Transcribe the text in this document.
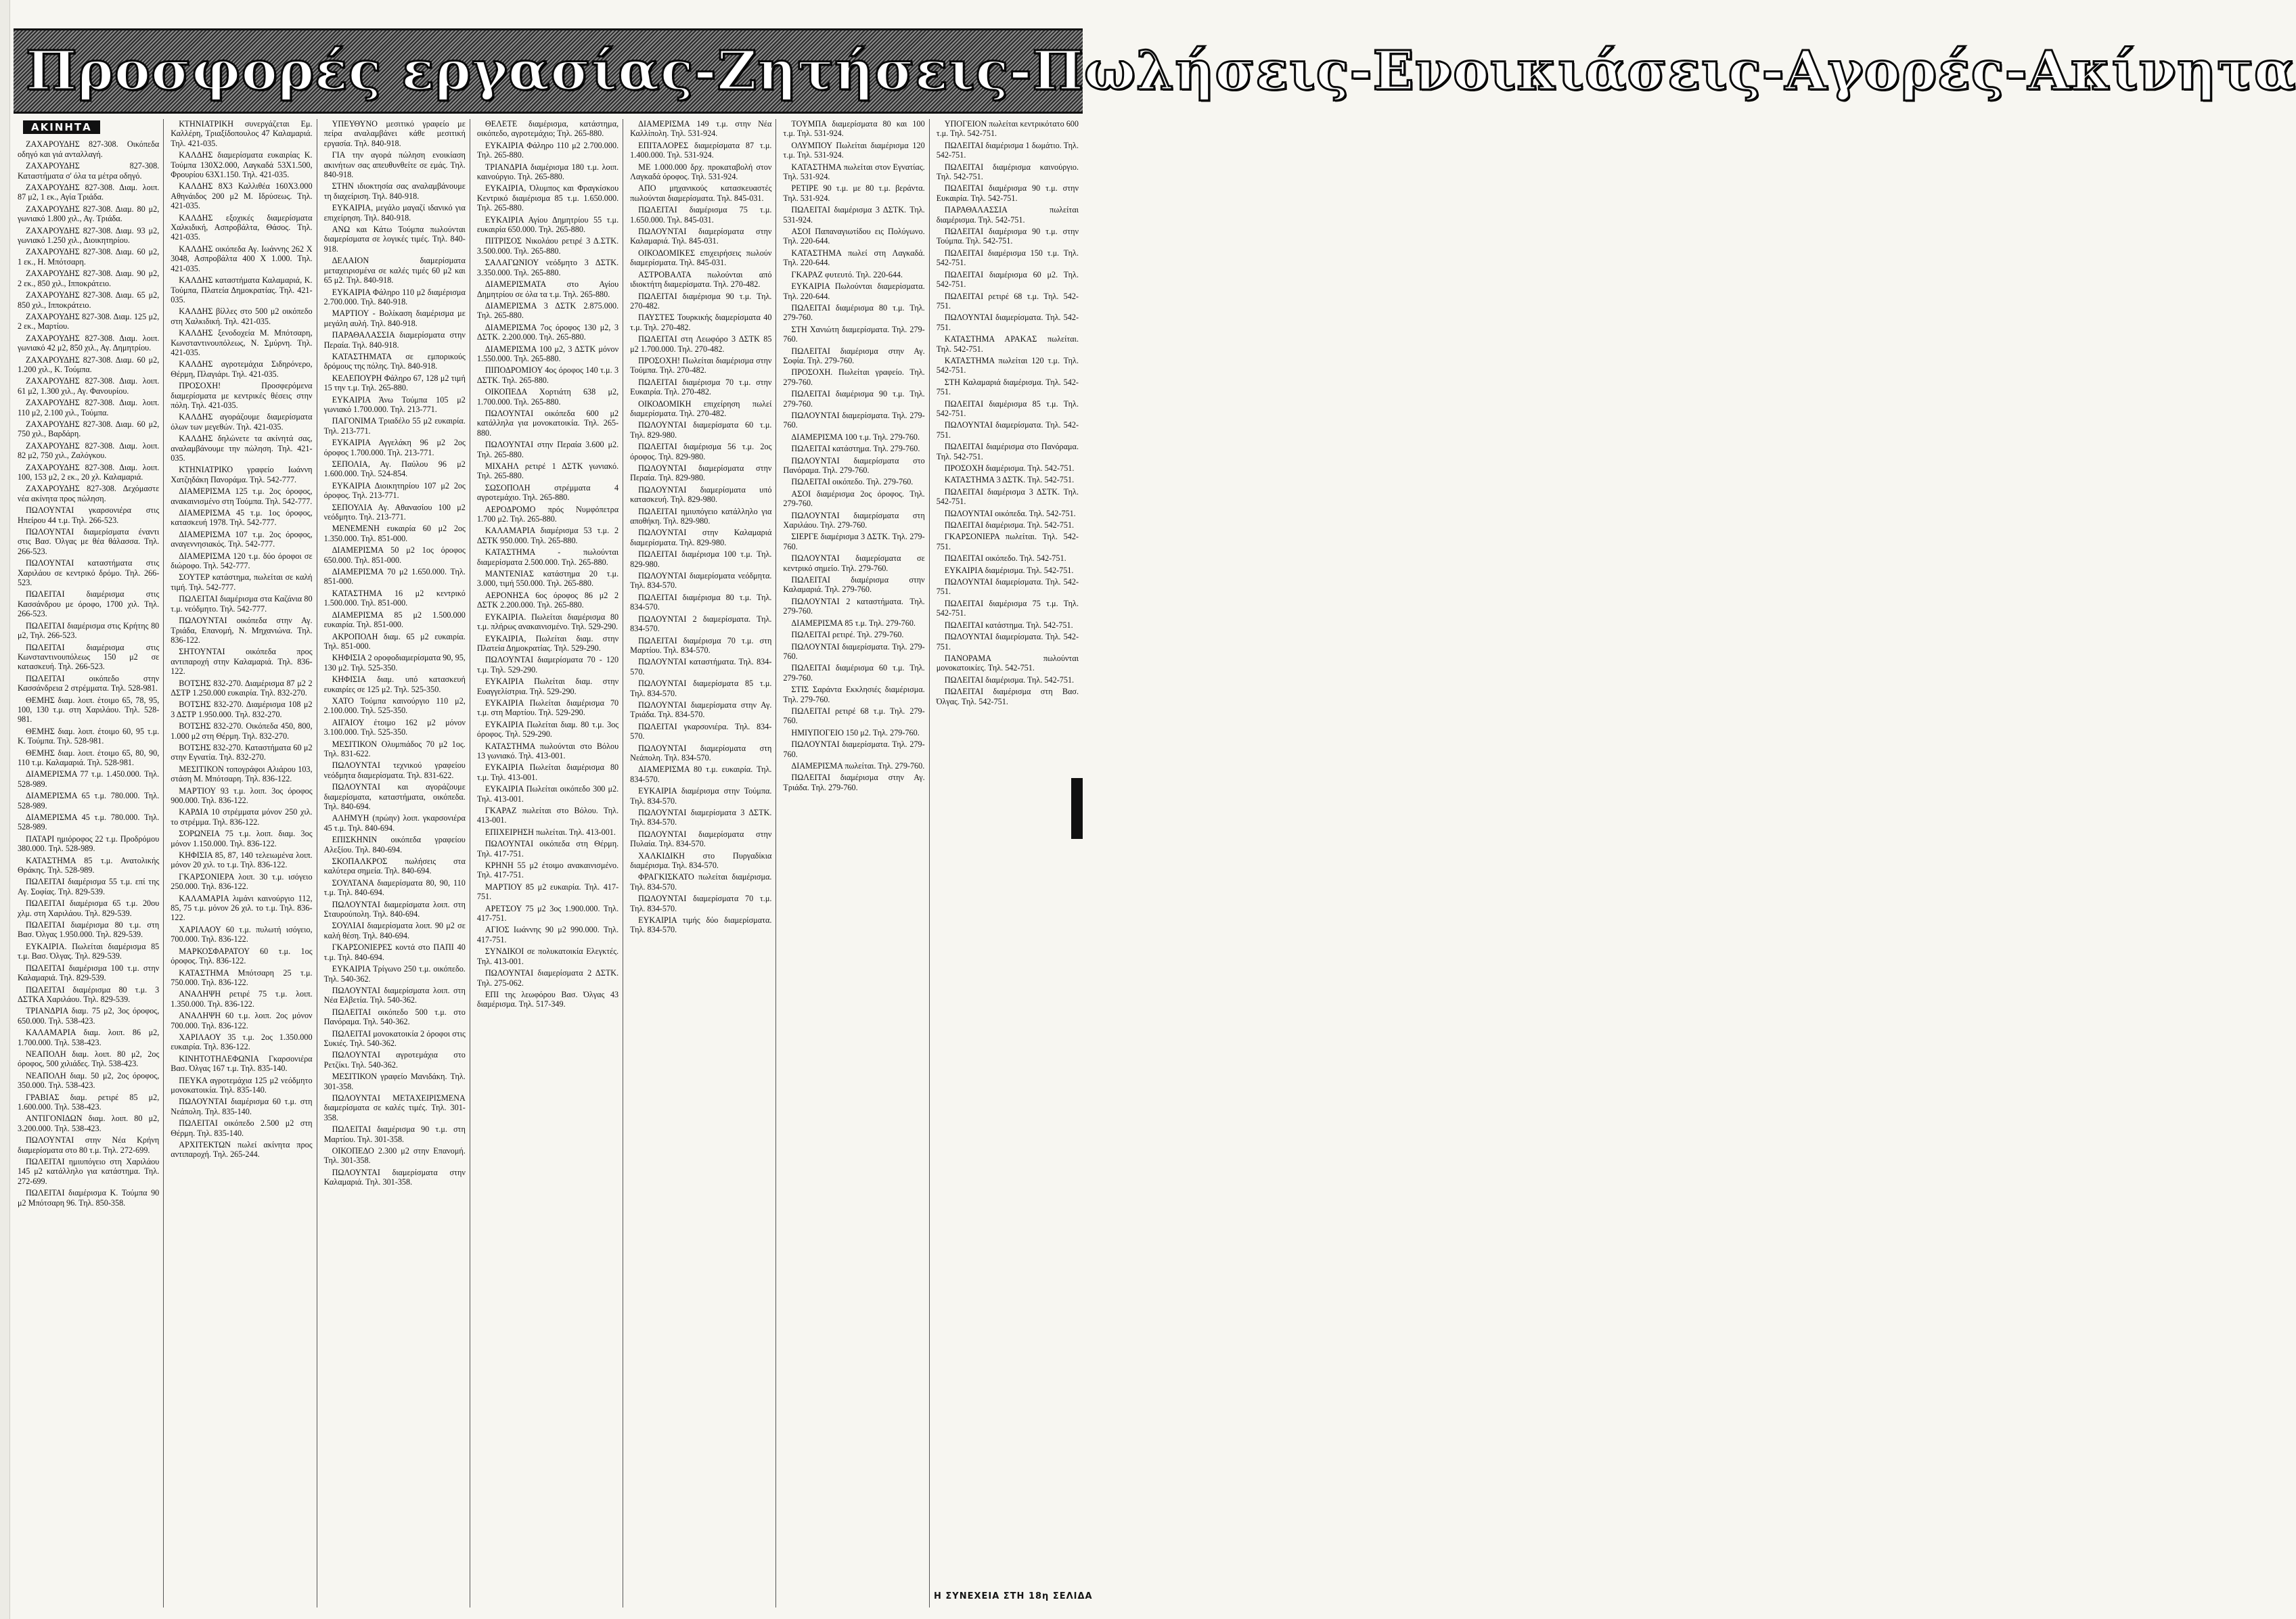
Προσφορές εργασίας-Ζητήσεις-Πωλήσεις-Ενοικιάσεις-Αγορές-Ακίνητα
ΑΚΙΝΗΤΑ

ΖΑΧΑΡΟΥΔΗΣ 827-308. Οικόπεδα οδηγό και γιά ανταλλαγή.

ΖΑΧΑΡΟΥΔΗΣ 827-308. Καταστήματα σ' όλα τα μέτρα οδηγό.

ΖΑΧΑΡΟΥΔΗΣ 827-308. Διαμ. λοιπ. 87 μ2, 1 εκ., Αγία Τριάδα.

ΖΑΧΑΡΟΥΔΗΣ 827-308. Διαμ. 80 μ2, γωνιακό 1.800 χιλ., Αγ. Τριάδα.

ΖΑΧΑΡΟΥΔΗΣ 827-308. Διαμ. 93 μ2, γωνιακό 1.250 χιλ., Διοικητηρίου.

ΖΑΧΑΡΟΥΔΗΣ 827-308. Διαμ. 60 μ2, 1 εκ., Η. Μπότσαρη.

ΖΑΧΑΡΟΥΔΗΣ 827-308. Διαμ. 90 μ2, 2 εκ., 850 χιλ., Ιπποκράτειο.

ΖΑΧΑΡΟΥΔΗΣ 827-308. Διαμ. 65 μ2, 850 χιλ., Ιπποκράτειο.

ΖΑΧΑΡΟΥΔΗΣ 827-308. Διαμ. 125 μ2, 2 εκ., Μαρτίου.

ΖΑΧΑΡΟΥΔΗΣ 827-308. Διαμ. λοιπ. γωνιακό 42 μ2, 850 χιλ., Αγ. Δημητρίου.

ΖΑΧΑΡΟΥΔΗΣ 827-308. Διαμ. 60 μ2, 1.200 χιλ., Κ. Τούμπα.

ΖΑΧΑΡΟΥΔΗΣ 827-308. Διαμ. λοιπ. 61 μ2, 1.300 χιλ., Αγ. Φανουρίου.

ΖΑΧΑΡΟΥΔΗΣ 827-308. Διαμ. λοιπ. 110 μ2, 2.100 χιλ., Τούμπα.

ΖΑΧΑΡΟΥΔΗΣ 827-308. Διαμ. 60 μ2, 750 χιλ., Βαρδάρη.

ΖΑΧΑΡΟΥΔΗΣ 827-308. Διαμ. λοιπ. 82 μ2, 750 χιλ., Ζαλόγκου.

ΖΑΧΑΡΟΥΔΗΣ 827-308. Διαμ. λοιπ. 100, 153 μ2, 2 εκ., 20 χλ. Καλαμαριά.

ΖΑΧΑΡΟΥΔΗΣ 827-308. Δεχόμαστε νέα ακίνητα προς πώληση.

ΠΩΛΟΥΝΤΑΙ γκαρσονιέρα στις Ηπείρου 44 τ.μ. Τηλ. 266-523.

ΠΩΛΟΥΝΤΑΙ διαμερίσματα έναντι στις Βασ. Όλγας με θέα θάλασσα. Τηλ. 266-523.

ΠΩΛΟΥΝΤΑΙ καταστήματα στις Χαριλάου σε κεντρικό δρόμο. Τηλ. 266-523.

ΠΩΛΕΙΤΑΙ διαμέρισμα στις Κασσάνδρου με όροφο, 1700 χιλ. Τηλ. 266-523.

ΠΩΛΕΙΤΑΙ διαμέρισμα στις Κρήτης 80 μ2, Τηλ. 266-523.

ΠΩΛΕΙΤΑΙ διαμέρισμα στις Κωνσταντινουπόλεως 150 μ2 σε κατασκευή. Τηλ. 266-523.

ΠΩΛΕΙΤΑΙ οικόπεδο στην Κασσάνδρεια 2 στρέμματα. Τηλ. 528-981.

ΘΕΜΗΣ διαμ. λοιπ. έτοιμο 65, 78, 95, 100, 130 τ.μ. στη Χαριλάου. Τηλ. 528-981.

ΘΕΜΗΣ διαμ. λοιπ. έτοιμο 60, 95 τ.μ. Κ. Τούμπα. Τηλ. 528-981.

ΘΕΜΗΣ διαμ. λοιπ. έτοιμο 65, 80, 90, 110 τ.μ. Καλαμαριά. Τηλ. 528-981.

ΔΙΑΜΕΡΙΣΜΑ 77 τ.μ. 1.450.000. Τηλ. 528-989.

ΔΙΑΜΕΡΙΣΜΑ 65 τ.μ. 780.000. Τηλ. 528-989.

ΔΙΑΜΕΡΙΣΜΑ 45 τ.μ. 780.000. Τηλ. 528-989.

ΠΑΤΑΡΙ ημιόροφος 22 τ.μ. Προδρόμου 380.000. Τηλ. 528-989.

ΚΑΤΑΣΤΗΜΑ 85 τ.μ. Ανατολικής Θράκης. Τηλ. 528-989.

ΠΩΛΕΙΤΑΙ διαμέρισμα 55 τ.μ. επί της Αγ. Σοφίας. Τηλ. 829-539.

ΠΩΛΕΙΤΑΙ διαμέρισμα 65 τ.μ. 20ου χλμ. στη Χαριλάου. Τηλ. 829-539.

ΠΩΛΕΙΤΑΙ διαμέρισμα 80 τ.μ. στη Βασ. Όλγας 1.950.000. Τηλ. 829-539.

ΕΥΚΑΙΡΙΑ. Πωλείται διαμέρισμα 85 τ.μ. Βασ. Όλγας. Τηλ. 829-539.

ΠΩΛΕΙΤΑΙ διαμέρισμα 100 τ.μ. στην Καλαμαριά. Τηλ. 829-539.

ΠΩΛΕΙΤΑΙ διαμέρισμα 80 τ.μ. 3 ΔΣΤΚΑ Χαριλάου. Τηλ. 829-539.

ΤΡΙΑΝΔΡΙΑ διαμ. 75 μ2, 3ος όροφος, 650.000. Τηλ. 538-423.

ΚΑΛΑΜΑΡΙΑ διαμ. λοιπ. 86 μ2, 1.700.000. Τηλ. 538-423.

ΝΕΑΠΟΛΗ διαμ. λοιπ. 80 μ2, 2ος όροφος, 500 χιλιάδες. Τηλ. 538-423.

ΝΕΑΠΟΛΗ διαμ. 50 μ2, 2ος όροφος, 350.000. Τηλ. 538-423.

ΓΡΑΒΙΑΣ διαμ. ρετιρέ 85 μ2, 1.600.000. Τηλ. 538-423.

ΑΝΤΙΓΟΝΙΔΩΝ διαμ. λοιπ. 80 μ2, 3.200.000. Τηλ. 538-423.

ΠΩΛΟΥΝΤΑΙ στην Νέα Κρήνη διαμερίσματα στο 80 τ.μ. Τηλ. 272-699.

ΠΩΛΕΙΤΑΙ ημιυπόγειο στη Χαριλάου 145 μ2 κατάλληλο για κατάστημα. Τηλ. 272-699.

ΠΩΛΕΙΤΑΙ διαμέρισμα Κ. Τούμπα 90 μ2 Μπότσαρη 96. Τηλ. 850-358.

ΚΤΗΝΙΑΤΡΙΚΗ συνεργάζεται Εμ. Καλλέρη, Τριαξίδοπουλος 47 Καλαμαριά. Τηλ. 421-035.

ΚΑΛΔΗΣ διαμερίσματα ευκαιρίας Κ. Τούμπα 130Χ2.000, Λαγκαδά 53Χ1.500, Φρουρίου 63Χ1.150. Τηλ. 421-035.

ΚΑΛΔΗΣ 8Χ3 Καλλιθέα 160Χ3.000 Αθηνάιδος 200 μ2 Μ. Ιδρύσεως. Τηλ. 421-035.

ΚΑΛΔΗΣ εξοχικές διαμερίσματα Χαλκιδική, Ασπροβάλτα, Θάσος. Τηλ. 421-035.

ΚΑΛΔΗΣ οικόπεδα Αγ. Ιωάννης 262 Χ 3048, Ασπροβάλτα 400 Χ 1.000. Τηλ. 421-035.

ΚΑΛΔΗΣ καταστήματα Καλαμαριά, Κ. Τούμπα, Πλατεία Δημοκρατίας. Τηλ. 421-035.

ΚΑΛΔΗΣ βίλλες στο 500 μ2 οικόπεδο στη Χαλκιδική. Τηλ. 421-035.

ΚΑΛΔΗΣ ξενοδοχεία Μ. Μπότσαρη, Κωνσταντινουπόλεως, Ν. Σμύρνη. Τηλ. 421-035.

ΚΑΛΔΗΣ αγροτεμάχια Σιδηρόνερο, Θέρμη, Πλαγιάρι. Τηλ. 421-035.

ΠΡΟΣΟΧΗ! Προσφερόμενα διαμερίσματα με κεντρικές θέσεις στην πόλη. Τηλ. 421-035.

ΚΑΛΔΗΣ αγοράζουμε διαμερίσματα όλων των μεγεθών. Τηλ. 421-035.

ΚΑΛΔΗΣ δηλώνετε τα ακίνητά σας, αναλαμβάνουμε την πώληση. Τηλ. 421-035.

ΚΤΗΝΙΑΤΡΙΚΟ γραφείο Ιωάννη Χατζηδάκη Πανοράμα. Τηλ. 542-777.

ΔΙΑΜΕΡΙΣΜΑ 125 τ.μ. 2ος όροφος, ανακαινισμένο στη Τούμπα. Τηλ. 542-777.

ΔΙΑΜΕΡΙΣΜΑ 45 τ.μ. 1ος όροφος, κατασκευή 1978. Τηλ. 542-777.

ΔΙΑΜΕΡΙΣΜΑ 107 τ.μ. 2ος όροφος, αναγεννησιακός. Τηλ. 542-777.

ΔΙΑΜΕΡΙΣΜΑ 120 τ.μ. δύο όροφοι σε διώροφο. Τηλ. 542-777.

ΣΟΥΤΕΡ κατάστημα, πωλείται σε καλή τιμή. Τηλ. 542-777.

ΠΩΛΕΙΤΑΙ διαμέρισμα στα Καζάνια 80 τ.μ. νεόδμητο. Τηλ. 542-777.

ΠΩΛΟΥΝΤΑΙ οικόπεδα στην Αγ. Τριάδα, Επανομή, Ν. Μηχανιώνα. Τηλ. 836-122.

ΣΗΤΟΥΝΤΑΙ οικόπεδα προς αντιπαροχή στην Καλαμαριά. Τηλ. 836-122.

ΒΟΤΣΗΣ 832-270. Διαμέρισμα 87 μ2 2 ΔΣΤΡ 1.250.000 ευκαιρία. Τηλ. 832-270.

ΒΟΤΣΗΣ 832-270. Διαμέρισμα 108 μ2 3 ΔΣΤΡ 1.950.000. Τηλ. 832-270.

ΒΟΤΣΗΣ 832-270. Οικόπεδα 450, 800, 1.000 μ2 στη Θέρμη. Τηλ. 832-270.

ΒΟΤΣΗΣ 832-270. Καταστήματα 60 μ2 στην Εγνατία. Τηλ. 832-270.

ΜΕΣΙΤΙΚΟΝ τοπογράφοι Αλιάρου 103, στάση Μ. Μπότσαρη. Τηλ. 836-122.

ΜΑΡΤΙΟΥ 93 τ.μ. λοιπ. 3ος όροφος 900.000. Τηλ. 836-122.

ΚΑΡΔΙΑ 10 στρέμματα μόνον 250 χιλ. το στρέμμα. Τηλ. 836-122.

ΣΟΡΩΝΕΙΑ 75 τ.μ. λοιπ. διαμ. 3ος μόνον 1.150.000. Τηλ. 836-122.

ΚΗΦΙΣΙΑ 85, 87, 140 τελειωμένα λοιπ. μόνον 20 χιλ. το τ.μ. Τηλ. 836-122.

ΓΚΑΡΣΟΝΙΕΡΑ λοιπ. 30 τ.μ. ισόγειο 250.000. Τηλ. 836-122.

ΚΑΛΑΜΑΡΙΑ λιμάνι καινούργιο 112, 85, 75 τ.μ. μόνον 26 χιλ. το τ.μ. Τηλ. 836-122.

ΧΑΡΙΛΑΟΥ 60 τ.μ. πυλωτή ισόγειο, 700.000. Τηλ. 836-122.

ΜΑΡΚΟΣΦΑΡΑΤΟΥ 60 τ.μ. 1ος όροφος. Τηλ. 836-122.

ΚΑΤΑΣΤΗΜΑ Μπότσαρη 25 τ.μ. 750.000. Τηλ. 836-122.

ΑΝΑΛΗΨΗ ρετιρέ 75 τ.μ. λοιπ. 1.350.000. Τηλ. 836-122.

ΑΝΑΛΗΨΗ 60 τ.μ. λοιπ. 2ος μόνον 700.000. Τηλ. 836-122.

ΧΑΡΙΛΑΟΥ 35 τ.μ. 2ος 1.350.000 ευκαιρία. Τηλ. 836-122.

ΚΙΝΗΤΟΤΗΛΕΦΩΝΙΑ Γκαρσονιέρα Βασ. Όλγας 167 τ.μ. Τηλ. 835-140.

ΠΕΥΚΑ αγροτεμάχια 125 μ2 νεόδμητο μονοκατοικία. Τηλ. 835-140.

ΠΩΛΟΥΝΤΑΙ διαμέρισμα 60 τ.μ. στη Νεάπολη. Τηλ. 835-140.

ΠΩΛΕΙΤΑΙ οικόπεδο 2.500 μ2 στη Θέρμη. Τηλ. 835-140.

ΑΡΧΙΤΕΚΤΩΝ πωλεί ακίνητα προς αντιπαροχή. Τηλ. 265-244.

ΥΠΕΥΘΥΝΟ μεσιτικό γραφείο με πείρα αναλαμβάνει κάθε μεσιτική εργασία. Τηλ. 840-918.

ΓΙΑ την αγορά πώληση ενοικίαση ακινήτων σας απευθυνθείτε σε εμάς. Τηλ. 840-918.

ΣΤΗΝ ιδιοκτησία σας αναλαμβάνουμε τη διαχείριση. Τηλ. 840-918.

ΕΥΚΑΙΡΙΑ, μεγάλο μαγαζί ιδανικό για επιχείρηση. Τηλ. 840-918.

ΑΝΩ και Κάτω Τούμπα πωλούνται διαμερίσματα σε λογικές τιμές. Τηλ. 840-918.

ΔΕΛΑΙΟΝ διαμερίσματα μεταχειρισμένα σε καλές τιμές 60 μ2 και 65 μ2. Τηλ. 840-918.

ΕΥΚΑΙΡΙΑ Φάληρο 110 μ2 διαμέρισμα 2.700.000. Τηλ. 840-918.

ΜΑΡΤΙΟΥ - Βολίκαση διαμέρισμα με μεγάλη αυλή. Τηλ. 840-918.

ΠΑΡΑΘΑΛΑΣΣΙΑ διαμερίσματα στην Περαία. Τηλ. 840-918.

ΚΑΤΑΣΤΗΜΑΤΑ σε εμπορικούς δρόμους της πόλης. Τηλ. 840-918.

ΚΕΛΕΠΟΥΡΗ Φάληρο 67, 128 μ2 τιμή 15 την τ.μ. Τηλ. 265-880.

ΕΥΚΑΙΡΙΑ Άνω Τούμπα 105 μ2 γωνιακό 1.700.000. Τηλ. 213-771.

ΠΑΓΟΝΙΜΑ Τριαδέλο 55 μ2 ευκαιρία. Τηλ. 213-771.

ΕΥΚΑΙΡΙΑ Αγγελάκη 96 μ2 2ος όροφος 1.700.000. Τηλ. 213-771.

ΣΕΠΟΛΙΑ, Αγ. Παύλου 96 μ2 1.600.000. Τηλ. 524-854.

ΕΥΚΑΙΡΙΑ Διοικητηρίου 107 μ2 2ος όροφος. Τηλ. 213-771.

ΣΕΠΟΥΛΙΑ Αγ. Αθανασίου 100 μ2 νεόδμητο. Τηλ. 213-771.

ΜΕΝΕΜΕΝΗ ευκαιρία 60 μ2 2ος 1.350.000. Τηλ. 851-000.

ΔΙΑΜΕΡΙΣΜΑ 50 μ2 1ος όροφος 650.000. Τηλ. 851-000.

ΔΙΑΜΕΡΙΣΜΑ 70 μ2 1.650.000. Τηλ. 851-000.

ΚΑΤΑΣΤΗΜΑ 16 μ2 κεντρικό 1.500.000. Τηλ. 851-000.

ΔΙΑΜΕΡΙΣΜΑ 85 μ2 1.500.000 ευκαιρία. Τηλ. 851-000.

ΑΚΡΟΠΟΛΗ διαμ. 65 μ2 ευκαιρία. Τηλ. 851-000.

ΚΗΦΙΣΙΑ 2 οροφοδιαμερίσματα 90, 95, 130 μ2. Τηλ. 525-350.

ΚΗΦΙΣΙΑ διαμ. υπό κατασκευή ευκαιρίες σε 125 μ2. Τηλ. 525-350.

ΧΑΤΟ Τούμπα καινούργιο 110 μ2, 2.100.000. Τηλ. 525-350.

ΑΙΓΑΙΟΥ έτοιμο 162 μ2 μόνον 3.100.000. Τηλ. 525-350.

ΜΕΣΙΤΙΚΟΝ Ολυμπιάδος 70 μ2 1ος. Τηλ. 831-622.

ΠΩΛΟΥΝΤΑΙ τεχνικού γραφείου νεόδμητα διαμερίσματα. Τηλ. 831-622.

ΠΩΛΟΥΝΤΑΙ και αγοράζουμε διαμερίσματα, καταστήματα, οικόπεδα. Τηλ. 840-694.

ΑΛΗΜΥΗ (πρώην) λοιπ. γκαρσονιέρα 45 τ.μ. Τηλ. 840-694.

ΕΠΙΣΚΗΝΙΝ οικόπεδα γραφείου Αλεξίου. Τηλ. 840-694.

ΣΚΟΠΑΛΚΡΟΣ πωλήσεις στα καλύτερα σημεία. Τηλ. 840-694.

ΣΟΥΛΤΑΝΑ διαμερίσματα 80, 90, 110 τ.μ. Τηλ. 840-694.

ΠΩΛΟΥΝΤΑΙ διαμερίσματα λοιπ. στη Σταυρούπολη. Τηλ. 840-694.

ΣΟΥΛΙΑΙ διαμερίσματα λοιπ. 90 μ2 σε καλή θέση. Τηλ. 840-694.

ΓΚΑΡΣΟΝΙΕΡΕΣ κοντά στο ΠΑΠΙ 40 τ.μ. Τηλ. 840-694.

ΕΥΚΑΙΡΙΑ Τρίγωνο 250 τ.μ. οικόπεδο. Τηλ. 540-362.

ΠΩΛΟΥΝΤΑΙ διαμερίσματα λοιπ. στη Νέα Ελβετία. Τηλ. 540-362.

ΠΩΛΕΙΤΑΙ οικόπεδο 500 τ.μ. στο Πανόραμα. Τηλ. 540-362.

ΠΩΛΕΙΤΑΙ μονοκατοικία 2 όροφοι στις Συκιές. Τηλ. 540-362.

ΠΩΛΟΥΝΤΑΙ αγροτεμάχια στο Ρετζίκι. Τηλ. 540-362.

ΜΕΣΙΤΙΚΟΝ γραφείο Μανιδάκη. Τηλ. 301-358.

ΠΩΛΟΥΝΤΑΙ ΜΕΤΑΧΕΙΡΙΣΜΕΝΑ διαμερίσματα σε καλές τιμές. Τηλ. 301-358.

ΠΩΛΕΙΤΑΙ διαμέρισμα 90 τ.μ. στη Μαρτίου. Τηλ. 301-358.

ΟΙΚΟΠΕΔΟ 2.300 μ2 στην Επανομή. Τηλ. 301-358.

ΠΩΛΟΥΝΤΑΙ διαμερίσματα στην Καλαμαριά. Τηλ. 301-358.

ΘΕΛΕΤΕ διαμέρισμα, κατάστημα, οικόπεδο, αγροτεμάχιο; Τηλ. 265-880.

ΕΥΚΑΙΡΙΑ Φάληρο 110 μ2 2.700.000. Τηλ. 265-880.

ΤΡΙΑΝΔΡΙΑ διαμέρισμα 180 τ.μ. λοιπ. καινούργιο. Τηλ. 265-880.

ΕΥΚΑΙΡΙΑ, Όλυμπος και Φραγκίσκου Κεντρικό διαμέρισμα 85 τ.μ. 1.650.000. Τηλ. 265-880.

ΕΥΚΑΙΡΙΑ Αγίου Δημητρίου 55 τ.μ. ευκαιρία 650.000. Τηλ. 265-880.

ΠΙΤΡΙΣΟΣ Νικολάου ρετιρέ 3 Δ.ΣΤΚ. 3.500.000. Τηλ. 265-880.

ΣΑΛΑΓΩΝΙΟΥ νεόδμητο 3 ΔΣΤΚ. 3.350.000. Τηλ. 265-880.

ΔΙΑΜΕΡΙΣΜΑΤΑ στο Αγίου Δημητρίου σε όλα τα τ.μ. Τηλ. 265-880.

ΔΙΑΜΕΡΙΣΜΑ 3 ΔΣΤΚ 2.875.000. Τηλ. 265-880.

ΔΙΑΜΕΡΙΣΜΑ 7ος όροφος 130 μ2, 3 ΔΣΤΚ. 2.200.000. Τηλ. 265-880.

ΔΙΑΜΕΡΙΣΜΑ 100 μ2, 3 ΔΣΤΚ μόνον 1.550.000. Τηλ. 265-880.

ΠΙΠΟΔΡΟΜΙΟΥ 4ος όροφος 140 τ.μ. 3 ΔΣΤΚ. Τηλ. 265-880.

ΟΙΚΟΠΕΔΑ Χορτιάτη 638 μ2, 1.700.000. Τηλ. 265-880.

ΠΩΛΟΥΝΤΑΙ οικόπεδα 600 μ2 κατάλληλα για μονοκατοικία. Τηλ. 265-880.

ΠΩΛΟΥΝΤΑΙ στην Περαία 3.600 μ2. Τηλ. 265-880.

ΜΙΧΑΗΛ ρετιρέ 1 ΔΣΤΚ γωνιακό. Τηλ. 265-880.

ΣΩΣΟΠΟΛΗ στρέμματα 4 αγροτεμάχιο. Τηλ. 265-880.

ΑΕΡΟΔΡΟΜΟ πρός Νυμφόπετρα 1.700 μ2. Τηλ. 265-880.

ΚΑΛΑΜΑΡΙΑ διαμέρισμα 53 τ.μ. 2 ΔΣΤΚ 950.000. Τηλ. 265-880.

ΚΑΤΑΣΤΗΜΑ - πωλούνται διαμερίσματα 2.500.000. Τηλ. 265-880.

ΜΑΝΤΕΝΙΑΣ κατάστημα 20 τ.μ. 3.000, τιμή 550.000. Τηλ. 265-880.

ΑΕΡΟΝΗΣΑ 6ος όροφος 86 μ2 2 ΔΣΤΚ 2.200.000. Τηλ. 265-880.

ΕΥΚΑΙΡΙΑ. Πωλείται διαμέρισμα 80 τ.μ. πλήρως ανακαινισμένο. Τηλ. 529-290.

ΕΥΚΑΙΡΙΑ, Πωλείται διαμ. στην Πλατεία Δημοκρατίας. Τηλ. 529-290.

ΠΩΛΟΥΝΤΑΙ διαμερίσματα 70 - 120 τ.μ. Τηλ. 529-290.

ΕΥΚΑΙΡΙΑ Πωλείται διαμ. στην Ευαγγελίστρια. Τηλ. 529-290.

ΕΥΚΑΙΡΙΑ Πωλείται διαμέρισμα 70 τ.μ. στη Μαρτίου. Τηλ. 529-290.

ΕΥΚΑΙΡΙΑ Πωλείται διαμ. 80 τ.μ. 3ος όροφος. Τηλ. 529-290.

ΚΑΤΑΣΤΗΜΑ πωλούνται στο Βόλου 13 γωνιακό. Τηλ. 413-001.

ΕΥΚΑΙΡΙΑ Πωλείται διαμέρισμα 80 τ.μ. Τηλ. 413-001.

ΕΥΚΑΙΡΙΑ Πωλείται οικόπεδο 300 μ2. Τηλ. 413-001.

ΓΚΑΡΑΖ πωλείται στο Βόλου. Τηλ. 413-001.

ΕΠΙΧΕΙΡΗΣΗ πωλείται. Τηλ. 413-001.

ΠΩΛΟΥΝΤΑΙ οικόπεδα στη Θέρμη. Τηλ. 417-751.

ΚΡΗΝΗ 55 μ2 έτοιμο ανακαινισμένο. Τηλ. 417-751.

ΜΑΡΤΙΟΥ 85 μ2 ευκαιρία. Τηλ. 417-751.

ΑΡΕΤΣΟΥ 75 μ2 3ος 1.900.000. Τηλ. 417-751.

ΑΓΙΟΣ Ιωάννης 90 μ2 990.000. Τηλ. 417-751.

ΣΥΝΔΙΚΟΙ σε πολυκατοικία Ελεγκτές. Τηλ. 413-001.

ΠΩΛΟΥΝΤΑΙ διαμερίσματα 2 ΔΣΤΚ. Τηλ. 275-062.

ΕΠΙ της λεωφόρου Βασ. Όλγας 43 διαμέρισμα. Τηλ. 517-349.

ΔΙΑΜΕΡΙΣΜΑ 149 τ.μ. στην Νέα Καλλίπολη. Τηλ. 531-924.

ΕΠΙΤΑΛΟΡΕΣ διαμερίσματα 87 τ.μ. 1.400.000. Τηλ. 531-924.

ΜΕ 1.000.000 δρχ. προκαταβολή στον Λαγκαδά όροφος. Τηλ. 531-924.

ΑΠΟ μηχανικούς κατασκευαστές πωλούνται διαμερίσματα. Τηλ. 845-031.

ΠΩΛΕΙΤΑΙ διαμέρισμα 75 τ.μ. 1.650.000. Τηλ. 845-031.

ΠΩΛΟΥΝΤΑΙ διαμερίσματα στην Καλαμαριά. Τηλ. 845-031.

ΟΙΚΟΔΟΜΙΚΕΣ επιχειρήσεις πωλούν διαμερίσματα. Τηλ. 845-031.

ΑΣΤΡΟΒΑΛΤΑ πωλούνται από ιδιοκτήτη διαμερίσματα. Τηλ. 270-482.

ΠΩΛΕΙΤΑΙ διαμέρισμα 90 τ.μ. Τηλ. 270-482.

ΠΑΥΣΤΕΣ Τουρκικής διαμερίσματα 40 τ.μ. Τηλ. 270-482.

ΠΩΛΕΙΤΑΙ στη Λεωφόρο 3 ΔΣΤΚ 85 μ2 1.700.000. Τηλ. 270-482.

ΠΡΟΣΟΧΗ! Πωλείται διαμέρισμα στην Τούμπα. Τηλ. 270-482.

ΠΩΛΕΙΤΑΙ διαμέρισμα 70 τ.μ. στην Ευκαιρία. Τηλ. 270-482.

ΟΙΚΟΔΟΜΙΚΗ επιχείρηση πωλεί διαμερίσματα. Τηλ. 270-482.

ΠΩΛΟΥΝΤΑΙ διαμερίσματα 60 τ.μ. Τηλ. 829-980.

ΠΩΛΕΙΤΑΙ διαμέρισμα 56 τ.μ. 2ος όροφος. Τηλ. 829-980.

ΠΩΛΟΥΝΤΑΙ διαμερίσματα στην Περαία. Τηλ. 829-980.

ΠΩΛΟΥΝΤΑΙ διαμερίσματα υπό κατασκευή. Τηλ. 829-980.

ΠΩΛΕΙΤΑΙ ημιυπόγειο κατάλληλο για αποθήκη. Τηλ. 829-980.

ΠΩΛΟΥΝΤΑΙ στην Καλαμαριά διαμερίσματα. Τηλ. 829-980.

ΠΩΛΕΙΤΑΙ διαμέρισμα 100 τ.μ. Τηλ. 829-980.

ΠΩΛΟΥΝΤΑΙ διαμερίσματα νεόδμητα. Τηλ. 834-570.

ΠΩΛΕΙΤΑΙ διαμέρισμα 80 τ.μ. Τηλ. 834-570.

ΠΩΛΟΥΝΤΑΙ 2 διαμερίσματα. Τηλ. 834-570.

ΠΩΛΕΙΤΑΙ διαμέρισμα 70 τ.μ. στη Μαρτίου. Τηλ. 834-570.

ΠΩΛΟΥΝΤΑΙ καταστήματα. Τηλ. 834-570.

ΠΩΛΟΥΝΤΑΙ διαμερίσματα 85 τ.μ. Τηλ. 834-570.

ΠΩΛΟΥΝΤΑΙ διαμερίσματα στην Αγ. Τριάδα. Τηλ. 834-570.

ΠΩΛΕΙΤΑΙ γκαρσονιέρα. Τηλ. 834-570.

ΠΩΛΟΥΝΤΑΙ διαμερίσματα στη Νεάπολη. Τηλ. 834-570.

ΔΙΑΜΕΡΙΣΜΑ 80 τ.μ. ευκαιρία. Τηλ. 834-570.

ΕΥΚΑΙΡΙΑ διαμέρισμα στην Τούμπα. Τηλ. 834-570.

ΠΩΛΟΥΝΤΑΙ διαμερίσματα 3 ΔΣΤΚ. Τηλ. 834-570.

ΠΩΛΟΥΝΤΑΙ διαμερίσματα στην Πυλαία. Τηλ. 834-570.

ΧΑΛΚΙΔΙΚΗ στο Πυργαδίκια διαμέρισμα. Τηλ. 834-570.

ΦΡΑΓΚΙΣΚΑΤΟ πωλείται διαμέρισμα. Τηλ. 834-570.

ΠΩΛΟΥΝΤΑΙ διαμερίσματα 70 τ.μ. Τηλ. 834-570.

ΕΥΚΑΙΡΙΑ τιμής δύο διαμερίσματα. Τηλ. 834-570.

ΤΟΥΜΠΑ διαμερίσματα 80 και 100 τ.μ. Τηλ. 531-924.

ΟΛΥΜΠΟΥ Πωλείται διαμέρισμα 120 τ.μ. Τηλ. 531-924.

ΚΑΤΑΣΤΗΜΑ πωλείται στον Εγνατίας. Τηλ. 531-924.

ΡΕΤΙΡΕ 90 τ.μ. με 80 τ.μ. βεράντα. Τηλ. 531-924.

ΠΩΛΕΙΤΑΙ διαμέρισμα 3 ΔΣΤΚ. Τηλ. 531-924.

ΑΣΟΙ Παπαναγιωτίδου εις Πολύγωνο. Τηλ. 220-644.

ΚΑΤΑΣΤΗΜΑ πωλεί στη Λαγκαδά. Τηλ. 220-644.

ΓΚΑΡΑΖ φυτευτό. Τηλ. 220-644.

ΕΥΚΑΙΡΙΑ Πωλούνται διαμερίσματα. Τηλ. 220-644.

ΠΩΛΕΙΤΑΙ διαμέρισμα 80 τ.μ. Τηλ. 279-760.

ΣΤΗ Χανιώτη διαμερίσματα. Τηλ. 279-760.

ΠΩΛΕΙΤΑΙ διαμέρισμα στην Αγ. Σοφία. Τηλ. 279-760.

ΠΡΟΣΟΧΗ. Πωλείται γραφείο. Τηλ. 279-760.

ΠΩΛΕΙΤΑΙ διαμέρισμα 90 τ.μ. Τηλ. 279-760.

ΠΩΛΟΥΝΤΑΙ διαμερίσματα. Τηλ. 279-760.

ΔΙΑΜΕΡΙΣΜΑ 100 τ.μ. Τηλ. 279-760.

ΠΩΛΕΙΤΑΙ κατάστημα. Τηλ. 279-760.

ΠΩΛΟΥΝΤΑΙ διαμερίσματα στο Πανόραμα. Τηλ. 279-760.

ΠΩΛΕΙΤΑΙ οικόπεδο. Τηλ. 279-760.

ΑΣΟΙ διαμέρισμα 2ος όροφος. Τηλ. 279-760.

ΠΩΛΟΥΝΤΑΙ διαμερίσματα στη Χαριλάου. Τηλ. 279-760.

ΣΙΕΡΓΕ διαμέρισμα 3 ΔΣΤΚ. Τηλ. 279-760.

ΠΩΛΟΥΝΤΑΙ διαμερίσματα σε κεντρικό σημείο. Τηλ. 279-760.

ΠΩΛΕΙΤΑΙ διαμέρισμα στην Καλαμαριά. Τηλ. 279-760.

ΠΩΛΟΥΝΤΑΙ 2 καταστήματα. Τηλ. 279-760.

ΔΙΑΜΕΡΙΣΜΑ 85 τ.μ. Τηλ. 279-760.

ΠΩΛΕΙΤΑΙ ρετιρέ. Τηλ. 279-760.

ΠΩΛΟΥΝΤΑΙ διαμερίσματα. Τηλ. 279-760.

ΠΩΛΕΙΤΑΙ διαμέρισμα 60 τ.μ. Τηλ. 279-760.

ΣΤΙΣ Σαράντα Εκκλησιές διαμέρισμα. Τηλ. 279-760.

ΠΩΛΕΙΤΑΙ ρετιρέ 68 τ.μ. Τηλ. 279-760.

ΗΜΙΥΠΟΓΕΙΟ 150 μ2. Τηλ. 279-760.

ΠΩΛΟΥΝΤΑΙ διαμερίσματα. Τηλ. 279-760.

ΔΙΑΜΕΡΙΣΜΑ πωλείται. Τηλ. 279-760.

ΠΩΛΕΙΤΑΙ διαμέρισμα στην Αγ. Τριάδα. Τηλ. 279-760.

ΥΠΟΓΕΙΟΝ πωλείται κεντρικότατο 600 τ.μ. Τηλ. 542-751.

ΠΩΛΕΙΤΑΙ διαμέρισμα 1 δωμάτιο. Τηλ. 542-751.

ΠΩΛΕΙΤΑΙ διαμέρισμα καινούργιο. Τηλ. 542-751.

ΠΩΛΕΙΤΑΙ διαμέρισμα 90 τ.μ. στην Ευκαιρία. Τηλ. 542-751.

ΠΑΡΑΘΑΛΑΣΣΙΑ πωλείται διαμέρισμα. Τηλ. 542-751.

ΠΩΛΕΙΤΑΙ διαμέρισμα 90 τ.μ. στην Τούμπα. Τηλ. 542-751.

ΠΩΛΕΙΤΑΙ διαμέρισμα 150 τ.μ. Τηλ. 542-751.

ΠΩΛΕΙΤΑΙ διαμέρισμα 60 μ2. Τηλ. 542-751.

ΠΩΛΕΙΤΑΙ ρετιρέ 68 τ.μ. Τηλ. 542-751.

ΠΩΛΟΥΝΤΑΙ διαμερίσματα. Τηλ. 542-751.

ΚΑΤΑΣΤΗΜΑ ΑΡΑΚΑΣ πωλείται. Τηλ. 542-751.

ΚΑΤΑΣΤΗΜΑ πωλείται 120 τ.μ. Τηλ. 542-751.

ΣΤΗ Καλαμαριά διαμέρισμα. Τηλ. 542-751.

ΠΩΛΕΙΤΑΙ διαμέρισμα 85 τ.μ. Τηλ. 542-751.

ΠΩΛΟΥΝΤΑΙ διαμερίσματα. Τηλ. 542-751.

ΠΩΛΕΙΤΑΙ διαμέρισμα στο Πανόραμα. Τηλ. 542-751.

ΠΡΟΣΟΧΗ διαμέρισμα. Τηλ. 542-751.

ΚΑΤΑΣΤΗΜΑ 3 ΔΣΤΚ. Τηλ. 542-751.

ΠΩΛΕΙΤΑΙ διαμέρισμα 3 ΔΣΤΚ. Τηλ. 542-751.

ΠΩΛΟΥΝΤΑΙ οικόπεδα. Τηλ. 542-751.

ΠΩΛΕΙΤΑΙ διαμέρισμα. Τηλ. 542-751.

ΓΚΑΡΣΟΝΙΕΡΑ πωλείται. Τηλ. 542-751.

ΠΩΛΕΙΤΑΙ οικόπεδο. Τηλ. 542-751.

ΕΥΚΑΙΡΙΑ διαμέρισμα. Τηλ. 542-751.

ΠΩΛΟΥΝΤΑΙ διαμερίσματα. Τηλ. 542-751.

ΠΩΛΕΙΤΑΙ διαμέρισμα 75 τ.μ. Τηλ. 542-751.

ΠΩΛΕΙΤΑΙ κατάστημα. Τηλ. 542-751.

ΠΩΛΟΥΝΤΑΙ διαμερίσματα. Τηλ. 542-751.

ΠΑΝΟΡΑΜΑ πωλούνται μονοκατοικίες. Τηλ. 542-751.

ΠΩΛΕΙΤΑΙ διαμέρισμα. Τηλ. 542-751.

ΠΩΛΕΙΤΑΙ διαμέρισμα στη Βασ. Όλγας. Τηλ. 542-751.

Η ΣΥΝΕΧΕΙΑ ΣΤΗ 18η ΣΕΛΙΔΑ
